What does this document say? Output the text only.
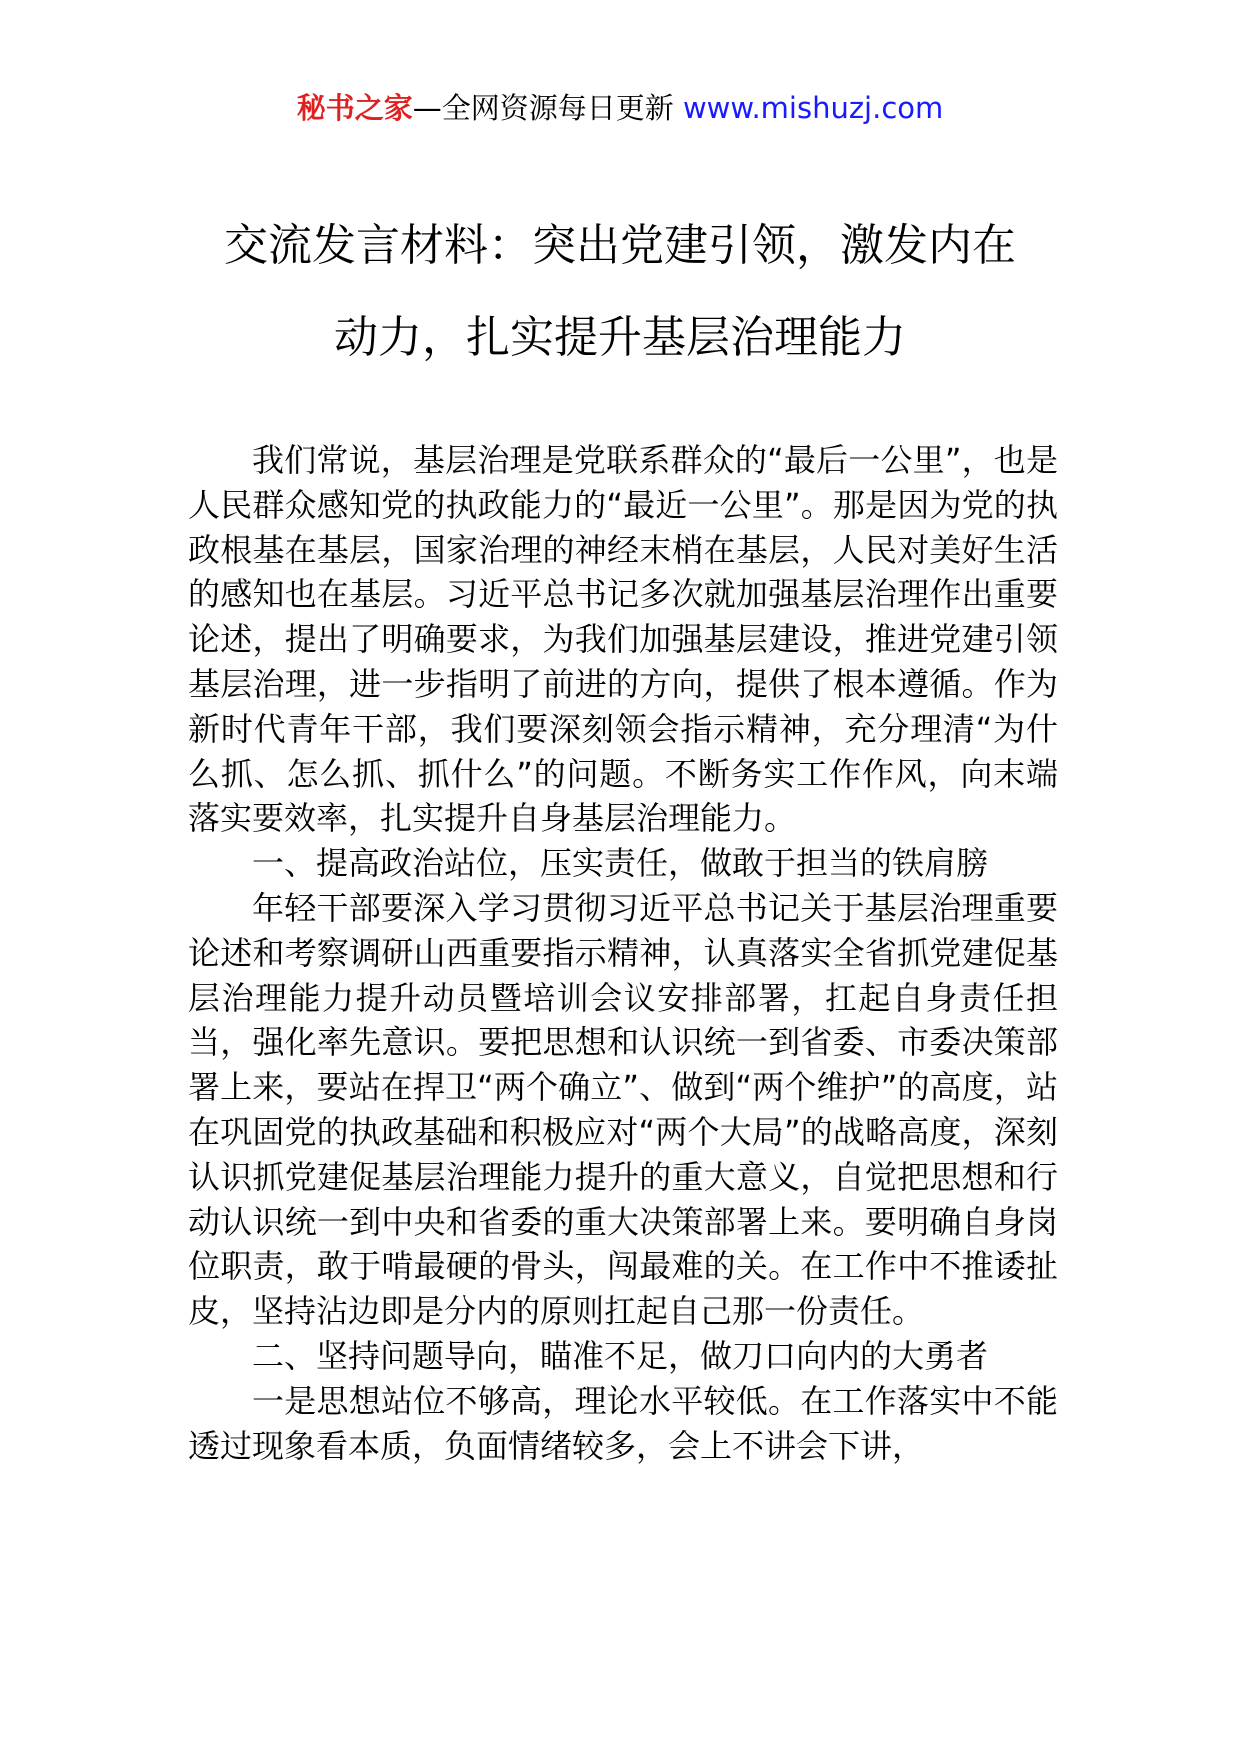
秘书之家—全网资源每日更新 www.mishuzj.com
交流发言材料：突出党建引领，激发内在
动力，扎实提升基层治理能力

我们常说，基层治理是党联系群众的“最后一公里”，也是人民群众感知党的执政能力的“最近一公里”。那是因为党的执政根基在基层，国家治理的神经末梢在基层，人民对美好生活的感知也在基层。习近平总书记多次就加强基层治理作出重要论述，提出了明确要求，为我们加强基层建设，推进党建引领基层治理，进一步指明了前进的方向，提供了根本遵循。作为新时代青年干部，我们要深刻领会指示精神，充分理清“为什么抓、怎么抓、抓什么”的问题。不断务实工作作风，向末端落实要效率，扎实提升自身基层治理能力。

一、提高政治站位，压实责任，做敢于担当的铁肩膀

年轻干部要深入学习贯彻习近平总书记关于基层治理重要论述和考察调研山西重要指示精神，认真落实全省抓党建促基层治理能力提升动员暨培训会议安排部署，扛起自身责任担当，强化率先意识。要把思想和认识统一到省委、市委决策部署上来，要站在捍卫“两个确立”、做到“两个维护”的高度，站在巩固党的执政基础和积极应对“两个大局”的战略高度，深刻认识抓党建促基层治理能力提升的重大意义，自觉把思想和行动认识统一到中央和省委的重大决策部署上来。要明确自身岗位职责，敢于啃最硬的骨头，闯最难的关。在工作中不推诿扯皮，坚持沾边即是分内的原则扛起自己那一份责任。

二、坚持问题导向，瞄准不足，做刀口向内的大勇者

一是思想站位不够高，理论水平较低。在工作落实中不能透过现象看本质，负面情绪较多，会上不讲会下讲，
